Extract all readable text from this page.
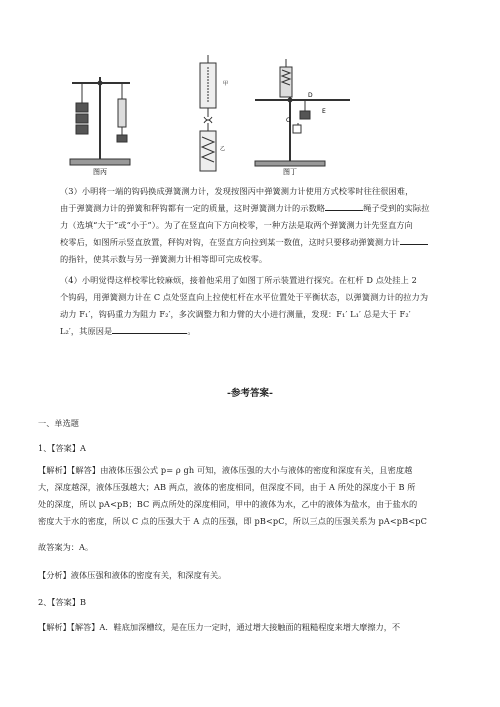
图丙
甲
乙
D
C
E
图丁

（3）小明将一端的钩码换成弹簧测力计，发现按图丙中弹簧测力计使用方式校零时往往很困难，

由于弹簧测力计的弹簧和秤钩都有一定的质量，这时弹簧测力计的示数略	绳子受到的实际拉

力（选填“大于”或“小于”）。为了在竖直向下方向校零，一种方法是取两个弹簧测力计先竖直方向

校零后，如图所示竖直放置，秤钩对钩，在竖直方向拉到某一数值，这时只要移动弹簧测力计

的指针，使其示数与另一弹簧测力计相等即可完成校零。

（4）小明觉得这样校零比较麻烦，接着他采用了如图丁所示装置进行探究。在杠杆 D 点处挂上 2

个钩码，用弹簧测力计在 C 点处竖直向上拉使杠杆在水平位置处于平衡状态，以弹簧测力计的拉力为

动力 F₁′，钩码重力为阻力 F₂′，多次调整力和力臂的大小进行测量，发现：F₁′ L₁′ 总是大于 F₂′

L₂′，其原因是	。

-参考答案-
一、单选题
1、【答案】A

【解析】【解答】由液体压强公式 p= ρ gh 可知，液体压强的大小与液体的密度和深度有关，且密度越

大，深度越深，液体压强越大；AB 两点，液体的密度相同，但深度不同，由于 A 所处的深度小于 B 所

处的深度，所以 pA<pB；BC 两点所处的深度相同，甲中的液体为水，乙中的液体为盐水，由于盐水的

密度大于水的密度，所以 C 点的压强大于 A 点的压强，即 pB<pC，所以三点的压强关系为 pA<pB<pC

故答案为：A。
【分析】液体压强和液体的密度有关，和深度有关。
2、【答案】B
【解析】【解答】A．鞋底加深槽纹，是在压力一定时，通过增大接触面的粗糙程度来增大摩擦力，不
